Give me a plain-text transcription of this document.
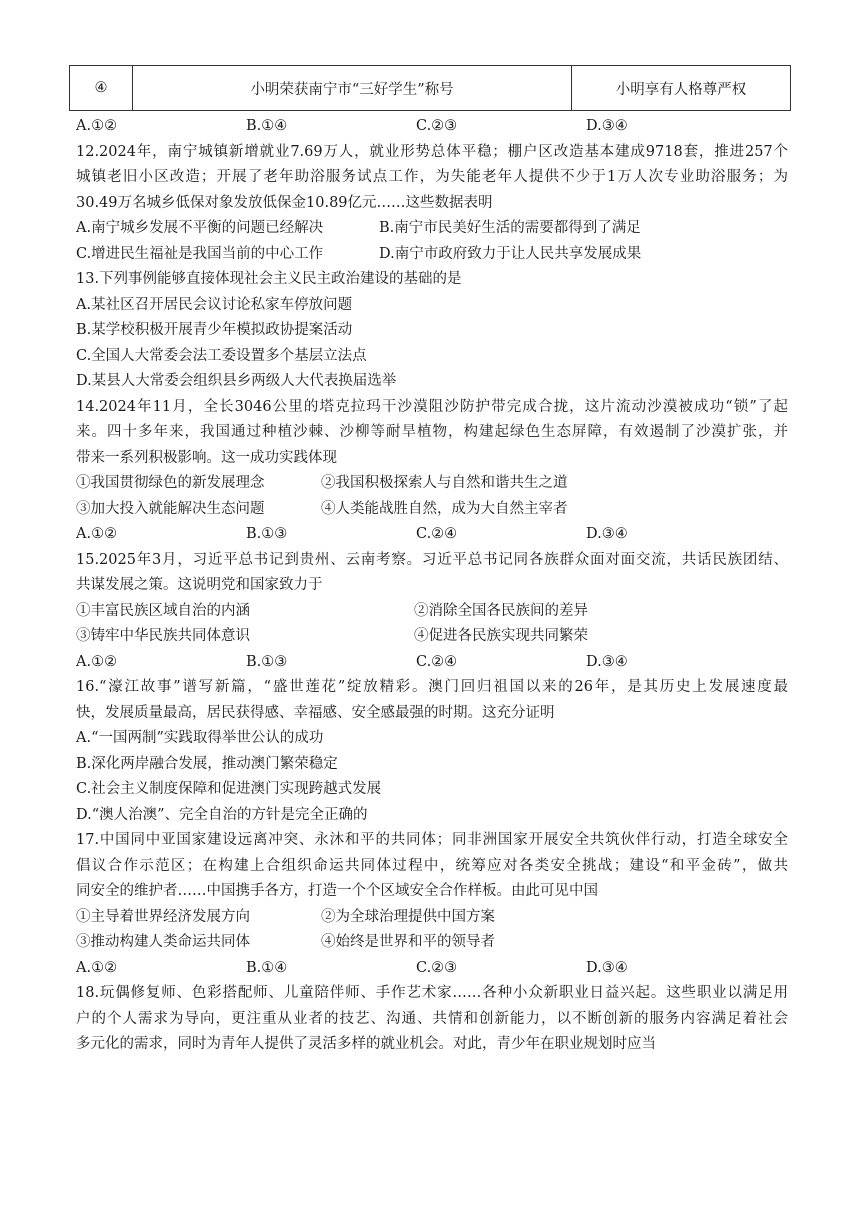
④	小明荣获南宁市“三好学生”称号	小明享有人格尊严权
A.①②	B.①④	C.②③	D.③④
12.2024年，南宁城镇新增就业7.69万人，就业形势总体平稳；棚户区改造基本建成9718套，推进257个
城镇老旧小区改造；开展了老年助浴服务试点工作，为失能老年人提供不少于1万人次专业助浴服务；为
30.49万名城乡低保对象发放低保金10.89亿元……这些数据表明
A.南宁城乡发展不平衡的问题已经解决	B.南宁市民美好生活的需要都得到了满足
C.增进民生福祉是我国当前的中心工作	D.南宁市政府致力于让人民共享发展成果
13.下列事例能够直接体现社会主义民主政治建设的基础的是
A.某社区召开居民会议讨论私家车停放问题
B.某学校积极开展青少年模拟政协提案活动
C.全国人大常委会法工委设置多个基层立法点
D.某县人大常委会组织县乡两级人大代表换届选举
14.2024年11月，全长3046公里的塔克拉玛干沙漠阻沙防护带完成合拢，这片流动沙漠被成功“锁”了起
来。四十多年来，我国通过种植沙棘、沙柳等耐旱植物，构建起绿色生态屏障，有效遏制了沙漠扩张，并
带来一系列积极影响。这一成功实践体现
①我国贯彻绿色的新发展理念	②我国积极探索人与自然和谐共生之道
③加大投入就能解决生态问题	④人类能战胜自然，成为大自然主宰者
A.①②	B.①③	C.②④	D.③④
15.2025年3月，习近平总书记到贵州、云南考察。习近平总书记同各族群众面对面交流，共话民族团结、
共谋发展之策。这说明党和国家致力于
①丰富民族区域自治的内涵	②消除全国各民族间的差异
③铸牢中华民族共同体意识	④促进各民族实现共同繁荣
A.①②	B.①③	C.②④	D.③④
16.“濠江故事”谱写新篇，“盛世莲花”绽放精彩。澳门回归祖国以来的26年，是其历史上发展速度最
快，发展质量最高，居民获得感、幸福感、安全感最强的时期。这充分证明
A.“一国两制”实践取得举世公认的成功
B.深化两岸融合发展，推动澳门繁荣稳定
C.社会主义制度保障和促进澳门实现跨越式发展
D.“澳人治澳”、完全自治的方针是完全正确的
17.中国同中亚国家建设远离冲突、永沐和平的共同体；同非洲国家开展安全共筑伙伴行动，打造全球安全
倡议合作示范区；在构建上合组织命运共同体过程中，统筹应对各类安全挑战；建设“和平金砖”，做共
同安全的维护者……中国携手各方，打造一个个区域安全合作样板。由此可见中国
①主导着世界经济发展方向	②为全球治理提供中国方案
③推动构建人类命运共同体	④始终是世界和平的领导者
A.①②	B.①④	C.②③	D.③④
18.玩偶修复师、色彩搭配师、儿童陪伴师、手作艺术家……各种小众新职业日益兴起。这些职业以满足用
户的个人需求为导向，更注重从业者的技艺、沟通、共情和创新能力，以不断创新的服务内容满足着社会
多元化的需求，同时为青年人提供了灵活多样的就业机会。对此，青少年在职业规划时应当
